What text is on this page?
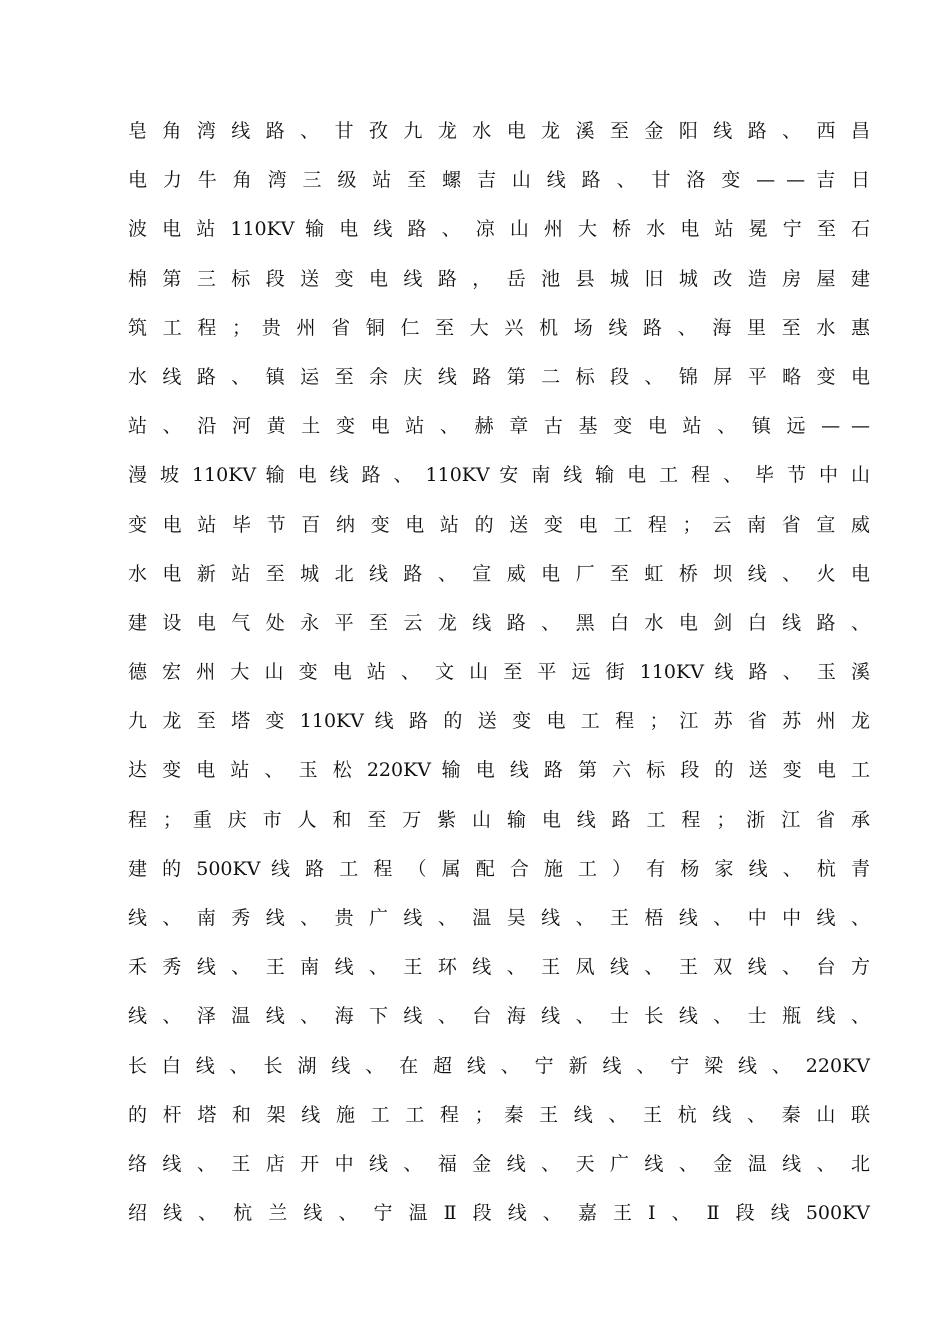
皂 角 湾 线 路 、 甘 孜 九 龙 水 电 龙 溪 至 金 阳 线 路 、 西 昌
电 力 牛 角 湾 三 级 站 至 螺 吉 山 线 路 、 甘 洛 变 — — 吉 日
波 电 站 110KV 输 电 线 路 、 凉 山 州 大 桥 水 电 站 冕 宁 至 石
棉 第 三 标 段 送 变 电 线 路 ， 岳 池 县 城 旧 城 改 造 房 屋 建
筑 工 程 ； 贵 州 省 铜 仁 至 大 兴 机 场 线 路 、 海 里 至 水 惠
水 线 路 、 镇 运 至 余 庆 线 路 第 二 标 段 、 锦 屏 平 略 变 电
站 、 沿 河 黄 土 变 电 站 、 赫 章 古 基 变 电 站 、 镇 远 — —
漫 坡 110KV 输 电 线 路 、 110KV 安 南 线 输 电 工 程 、 毕 节 中 山
变 电 站 毕 节 百 纳 变 电 站 的 送 变 电 工 程 ； 云 南 省 宣 威
水 电 新 站 至 城 北 线 路 、 宣 威 电 厂 至 虹 桥 坝 线 、 火 电
建 设 电 气 处 永 平 至 云 龙 线 路 、 黑 白 水 电 剑 白 线 路 、
德 宏 州 大 山 变 电 站 、 文 山 至 平 远 街 110KV 线 路 、 玉 溪
九 龙 至 塔 变 110KV 线 路 的 送 变 电 工 程 ； 江 苏 省 苏 州 龙
达 变 电 站 、 玉 松 220KV 输 电 线 路 第 六 标 段 的 送 变 电 工
程 ； 重 庆 市 人 和 至 万 紫 山 输 电 线 路 工 程 ； 浙 江 省 承
建 的 500KV 线 路 工 程 （ 属 配 合 施 工 ） 有 杨 家 线 、 杭 青
线 、 南 秀 线 、 贵 广 线 、 温 吴 线 、 王 梧 线 、 中 中 线 、
禾 秀 线 、 王 南 线 、 王 环 线 、 王 凤 线 、 王 双 线 、 台 方
线 、 泽 温 线 、 海 下 线 、 台 海 线 、 士 长 线 、 士 瓶 线 、
长 白 线 、 长 湖 线 、 在 超 线 、 宁 新 线 、 宁 梁 线 、 220KV
的 杆 塔 和 架 线 施 工 工 程 ； 秦 王 线 、 王 杭 线 、 秦 山 联
络 线 、 王 店 开 中 线 、 福 金 线 、 天 广 线 、 金 温 线 、 北
绍 线 、 杭 兰 线 、 宁 温 Ⅱ 段 线 、 嘉 王 Ⅰ 、 Ⅱ 段 线 500KV
